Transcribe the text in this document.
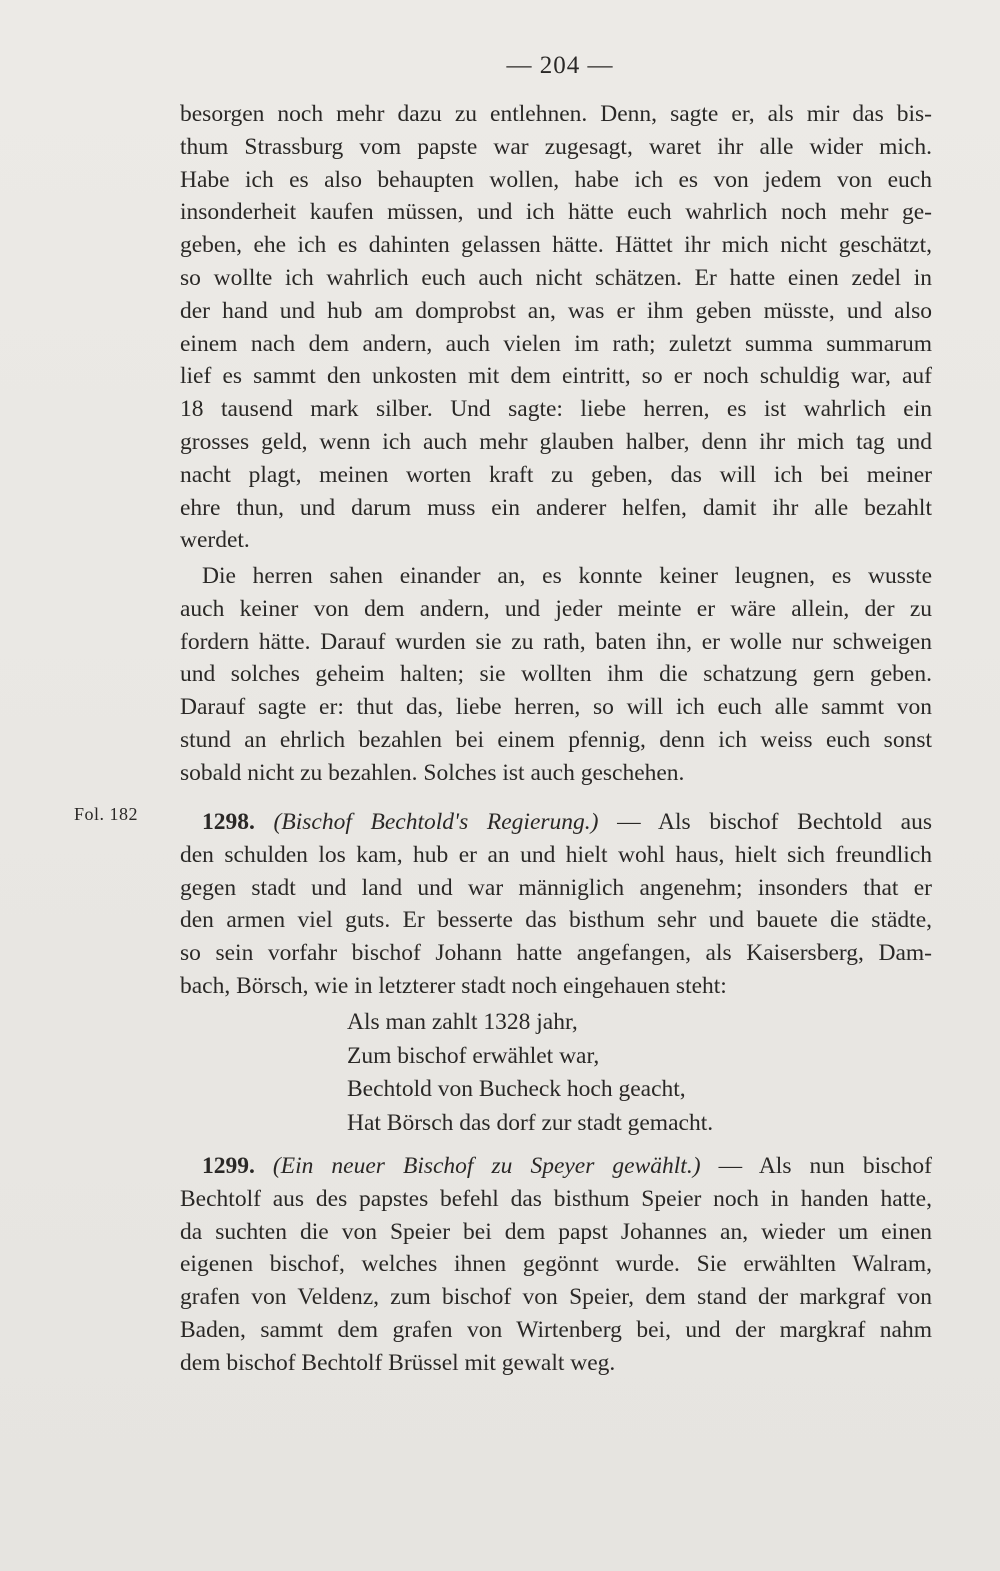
— 204 —
Fol. 182
besorgen noch mehr dazu zu entlehnen. Denn, sagte er, als mir das bis-
thum Strassburg vom papste war zugesagt, waret ihr alle wider mich.
Habe ich es also behaupten wollen, habe ich es von jedem von euch
insonderheit kaufen müssen, und ich hätte euch wahrlich noch mehr ge-
geben, ehe ich es dahinten gelassen hätte. Hättet ihr mich nicht geschätzt,
so wollte ich wahrlich euch auch nicht schätzen. Er hatte einen zedel in
der hand und hub am domprobst an, was er ihm geben müsste, und also
einem nach dem andern, auch vielen im rath; zuletzt summa summarum
lief es sammt den unkosten mit dem eintritt, so er noch schuldig war, auf
18 tausend mark silber. Und sagte: liebe herren, es ist wahrlich ein
grosses geld, wenn ich auch mehr glauben halber, denn ihr mich tag und
nacht plagt, meinen worten kraft zu geben, das will ich bei meiner
ehre thun, und darum muss ein anderer helfen, damit ihr alle bezahlt
werdet.
Die herren sahen einander an, es konnte keiner leugnen, es wusste
auch keiner von dem andern, und jeder meinte er wäre allein, der zu
fordern hätte. Darauf wurden sie zu rath, baten ihn, er wolle nur schweigen
und solches geheim halten; sie wollten ihm die schatzung gern geben.
Darauf sagte er: thut das, liebe herren, so will ich euch alle sammt von
stund an ehrlich bezahlen bei einem pfennig, denn ich weiss euch sonst
sobald nicht zu bezahlen. Solches ist auch geschehen.
1298. (Bischof Bechtold's Regierung.) — Als bischof Bechtold aus
den schulden los kam, hub er an und hielt wohl haus, hielt sich freundlich
gegen stadt und land und war männiglich angenehm; insonders that er
den armen viel guts. Er besserte das bisthum sehr und bauete die städte,
so sein vorfahr bischof Johann hatte angefangen, als Kaisersberg, Dam-
bach, Börsch, wie in letzterer stadt noch eingehauen steht:
Als man zahlt 1328 jahr,
Zum bischof erwählet war,
Bechtold von Bucheck hoch geacht,
Hat Börsch das dorf zur stadt gemacht.
1299. (Ein neuer Bischof zu Speyer gewählt.) — Als nun bischof
Bechtolf aus des papstes befehl das bisthum Speier noch in handen hatte,
da suchten die von Speier bei dem papst Johannes an, wieder um einen
eigenen bischof, welches ihnen gegönnt wurde. Sie erwählten Walram,
grafen von Veldenz, zum bischof von Speier, dem stand der markgraf von
Baden, sammt dem grafen von Wirtenberg bei, und der margkraf nahm
dem bischof Bechtolf Brüssel mit gewalt weg.
